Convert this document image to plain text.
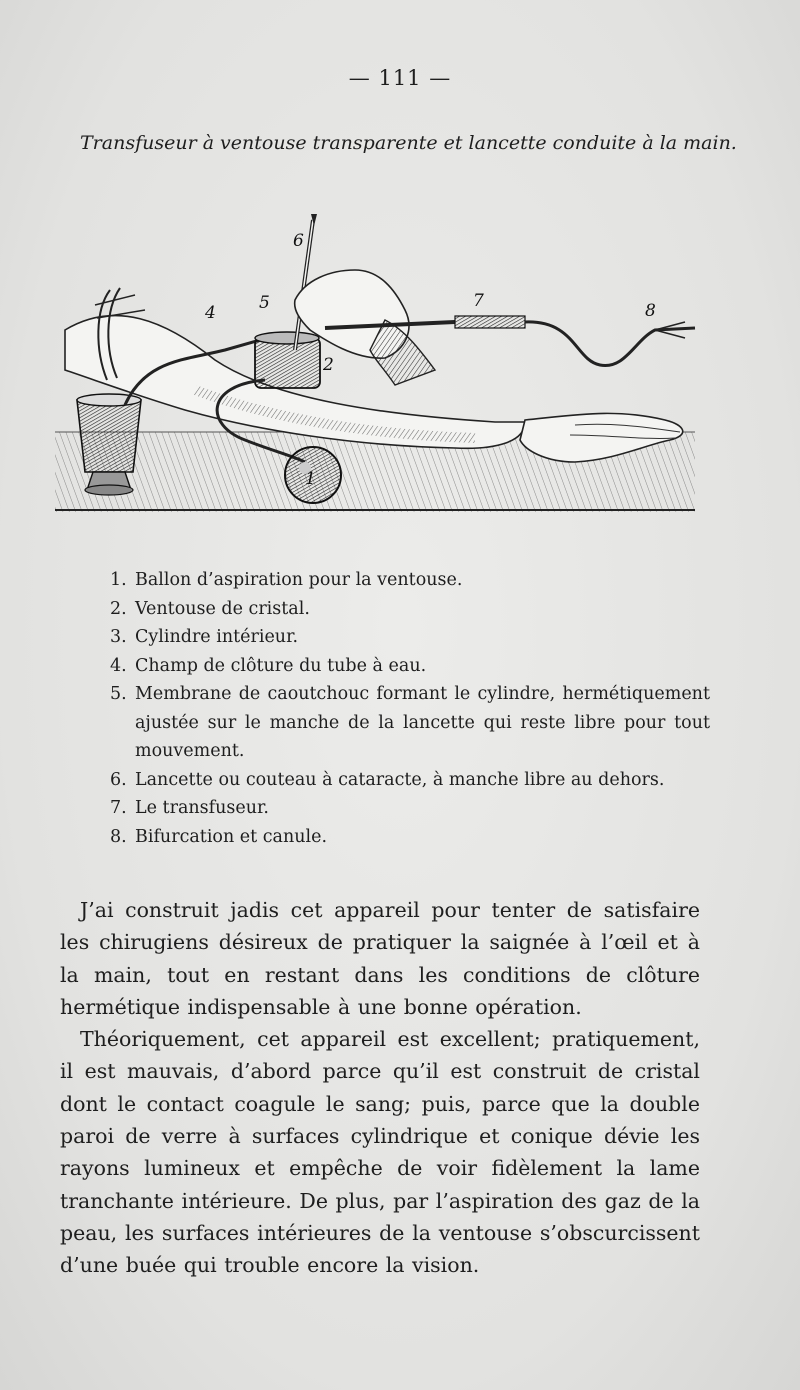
— 111 —
Transfuseur à ventouse transparente et lancette conduite à la main.
6
5
4
7	8
2
1
1. Ballon d’aspiration pour la ventouse.
2. Ventouse de cristal.
3. Cylindre intérieur.
4. Champ de clôture du tube à eau.
5. Membrane de caoutchouc formant le cylindre, hermétiquement ajustée sur le manche de la lancette qui reste libre pour tout mouvement.
6. Lancette ou couteau à cataracte, à manche libre au dehors.
7. Le transfuseur.
8. Bifurcation et canule.

J’ai construit jadis cet appareil pour tenter de satisfaire les chirugiens désireux de pratiquer la saignée à l’œil et à la main, tout en restant dans les conditions de clôture hermétique indispensable à une bonne opération.

Théoriquement, cet appareil est excellent; pratiquement, il est mauvais, d’abord parce qu’il est construit de cristal dont le contact coagule le sang; puis, parce que la double paroi de verre à surfaces cylindrique et conique dévie les rayons lumineux et empêche de voir fidèlement la lame tranchante intérieure. De plus, par l’aspiration des gaz de la peau, les surfaces intérieures de la ventouse s’obscurcissent d’une buée qui trouble encore la vision.
